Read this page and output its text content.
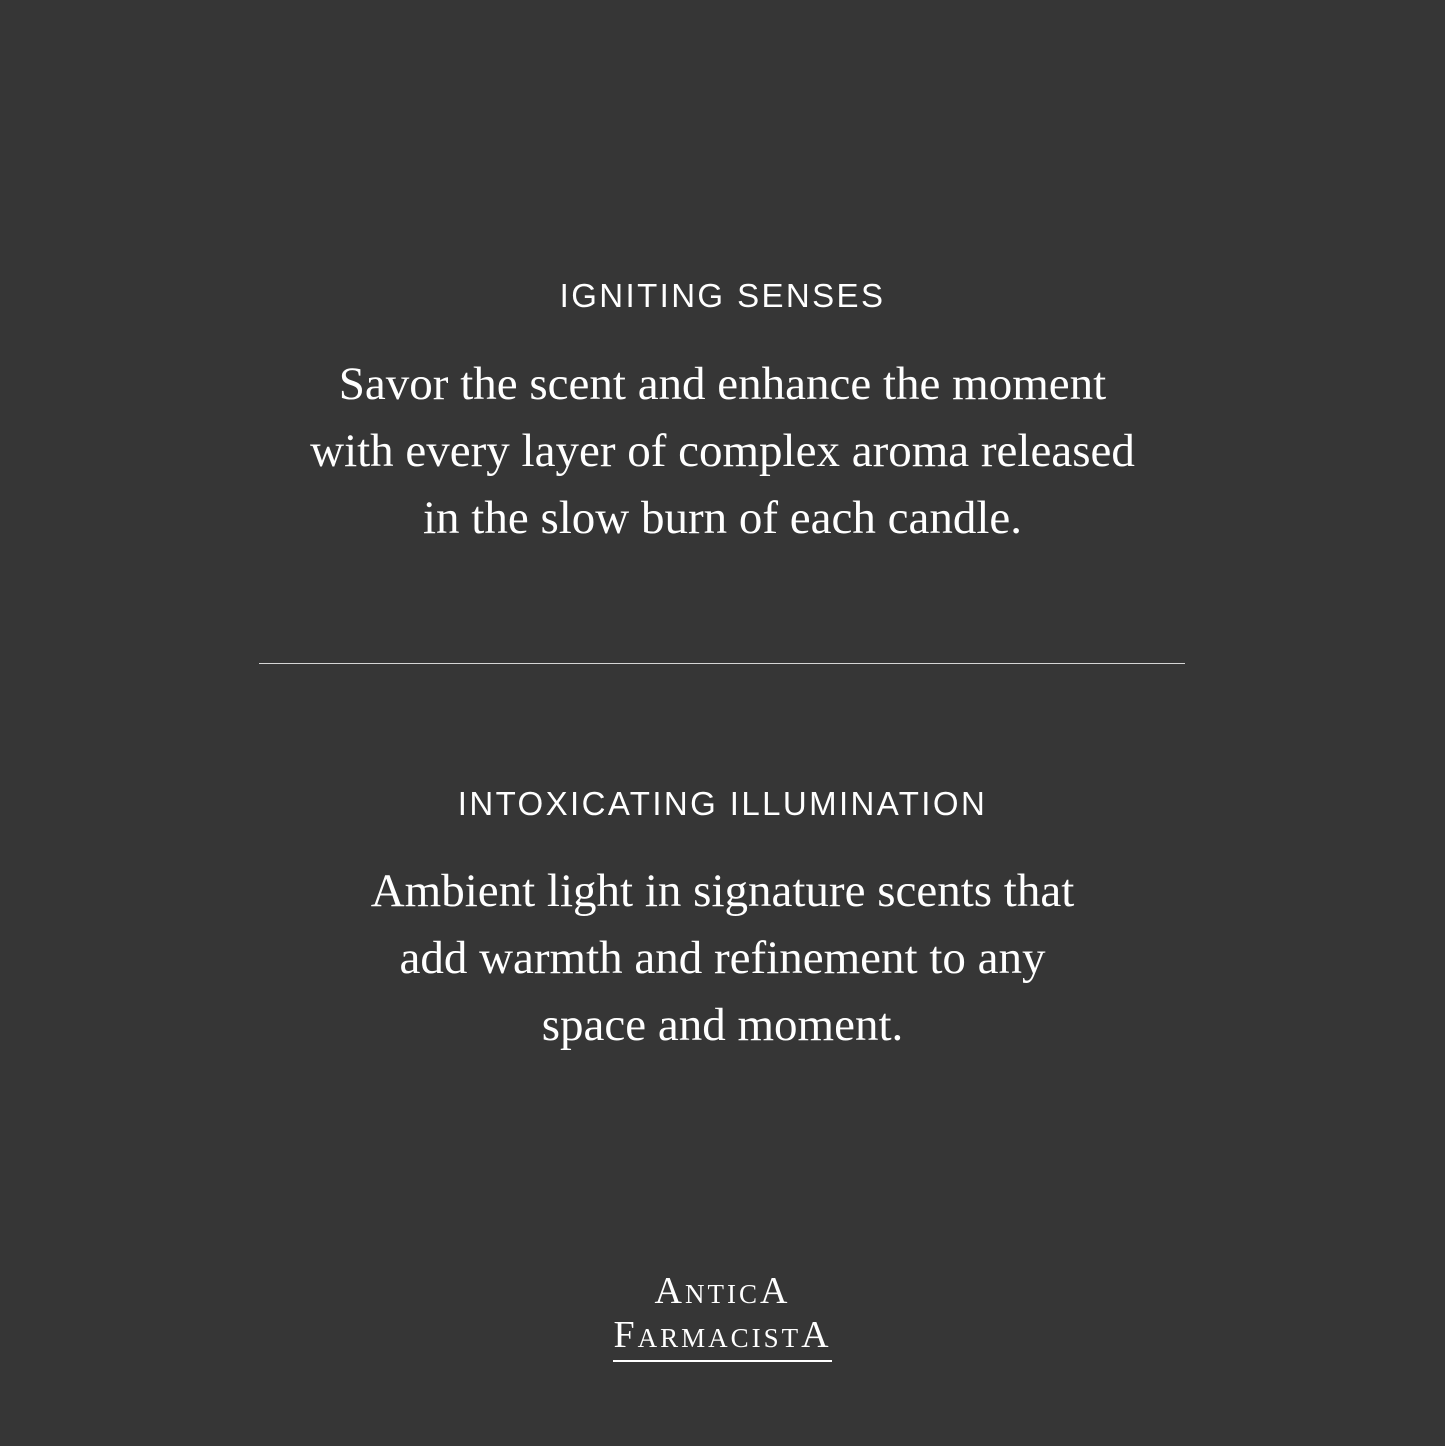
IGNITING SENSES
Savor the scent and enhance the moment
with every layer of complex aroma released
in the slow burn of each candle.
INTOXICATING ILLUMINATION
Ambient light in signature scents that
add warmth and refinement to any
space and moment.
AnticA
FarmacistA
